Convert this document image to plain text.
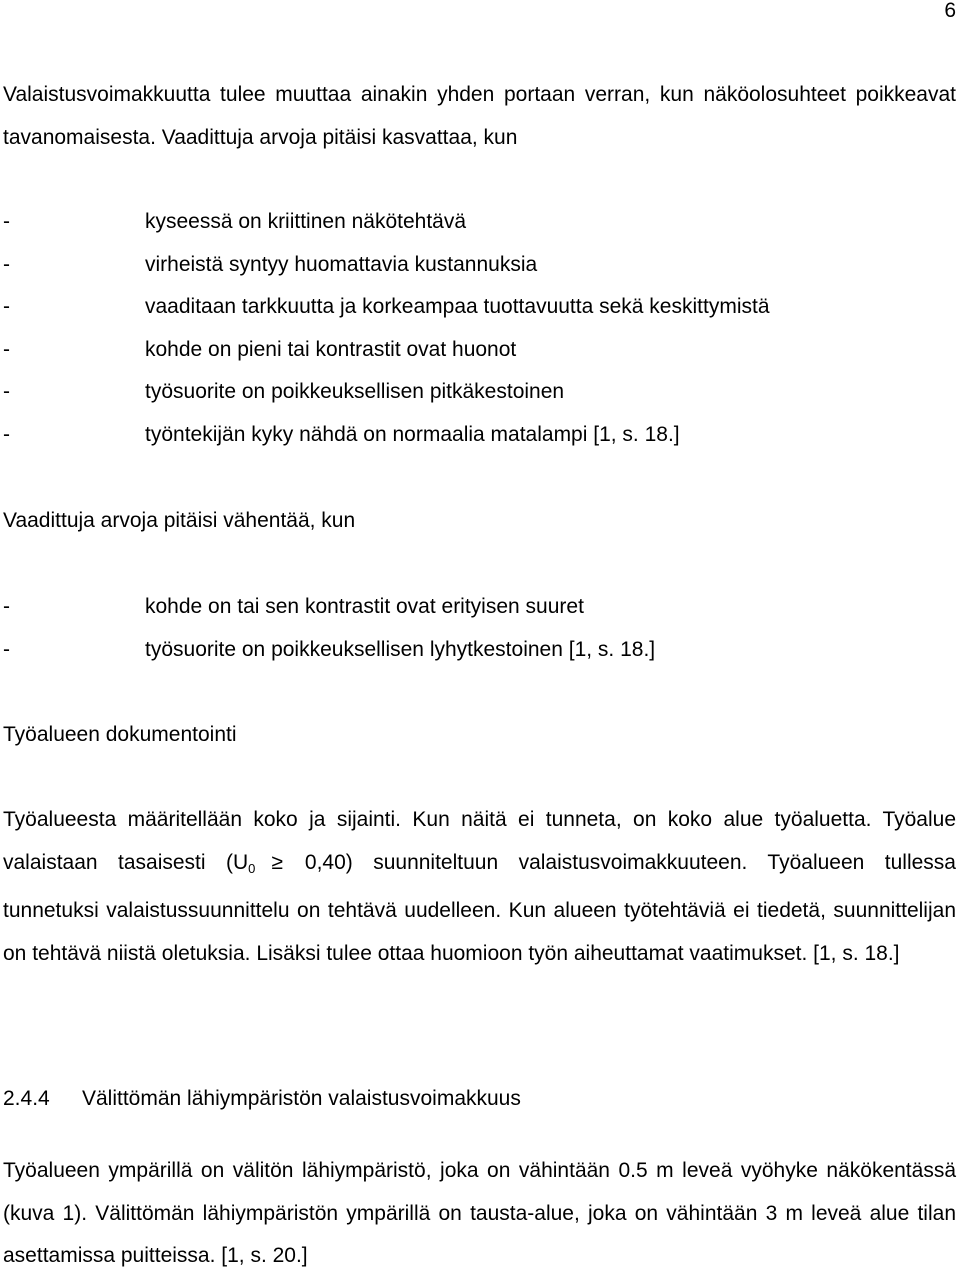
6

Valaistusvoimakkuutta tulee muuttaa ainakin yhden portaan verran, kun näköolosuhteet poikkeavat tavanomaisesta. Vaadittuja arvoja pitäisi kasvattaa, kun

-	kyseessä on kriittinen näkötehtävä
-	virheistä syntyy huomattavia kustannuksia
-	vaaditaan tarkkuutta ja korkeampaa tuottavuutta sekä keskittymistä
-	kohde on pieni tai kontrastit ovat huonot
-	työsuorite on poikkeuksellisen pitkäkestoinen
-	työntekijän kyky nähdä on normaalia matalampi [1, s. 18.]

Vaadittuja arvoja pitäisi vähentää, kun

-	kohde on tai sen kontrastit ovat erityisen suuret
-	työsuorite on poikkeuksellisen lyhytkestoinen [1, s. 18.]

Työalueen dokumentointi

Työalueesta määritellään koko ja sijainti. Kun näitä ei tunneta, on koko alue työaluetta. Työalue valaistaan tasaisesti $(U_0 \ge 0,40)$ suunniteltuun valaistusvoimakkuuteen. Työalueen tullessa tunnetuksi valaistussuunnittelu on tehtävä uudelleen. Kun alueen työtehtäviä ei tiedetä, suunnittelijan on tehtävä niistä oletuksia. Lisäksi tulee ottaa huomioon työn aiheuttamat vaatimukset. [1, s. 18.]

2.4.4 Välittömän lähiympäristön valaistusvoimakkuus

Työalueen ympärillä on välitön lähiympäristö, joka on vähintään 0.5 m leveä vyöhyke näkökentässä (kuva 1). Välittömän lähiympäristön ympärillä on tausta-alue, joka on vähintään 3 m leveä alue tilan asettamissa puitteissa. [1, s. 20.]
